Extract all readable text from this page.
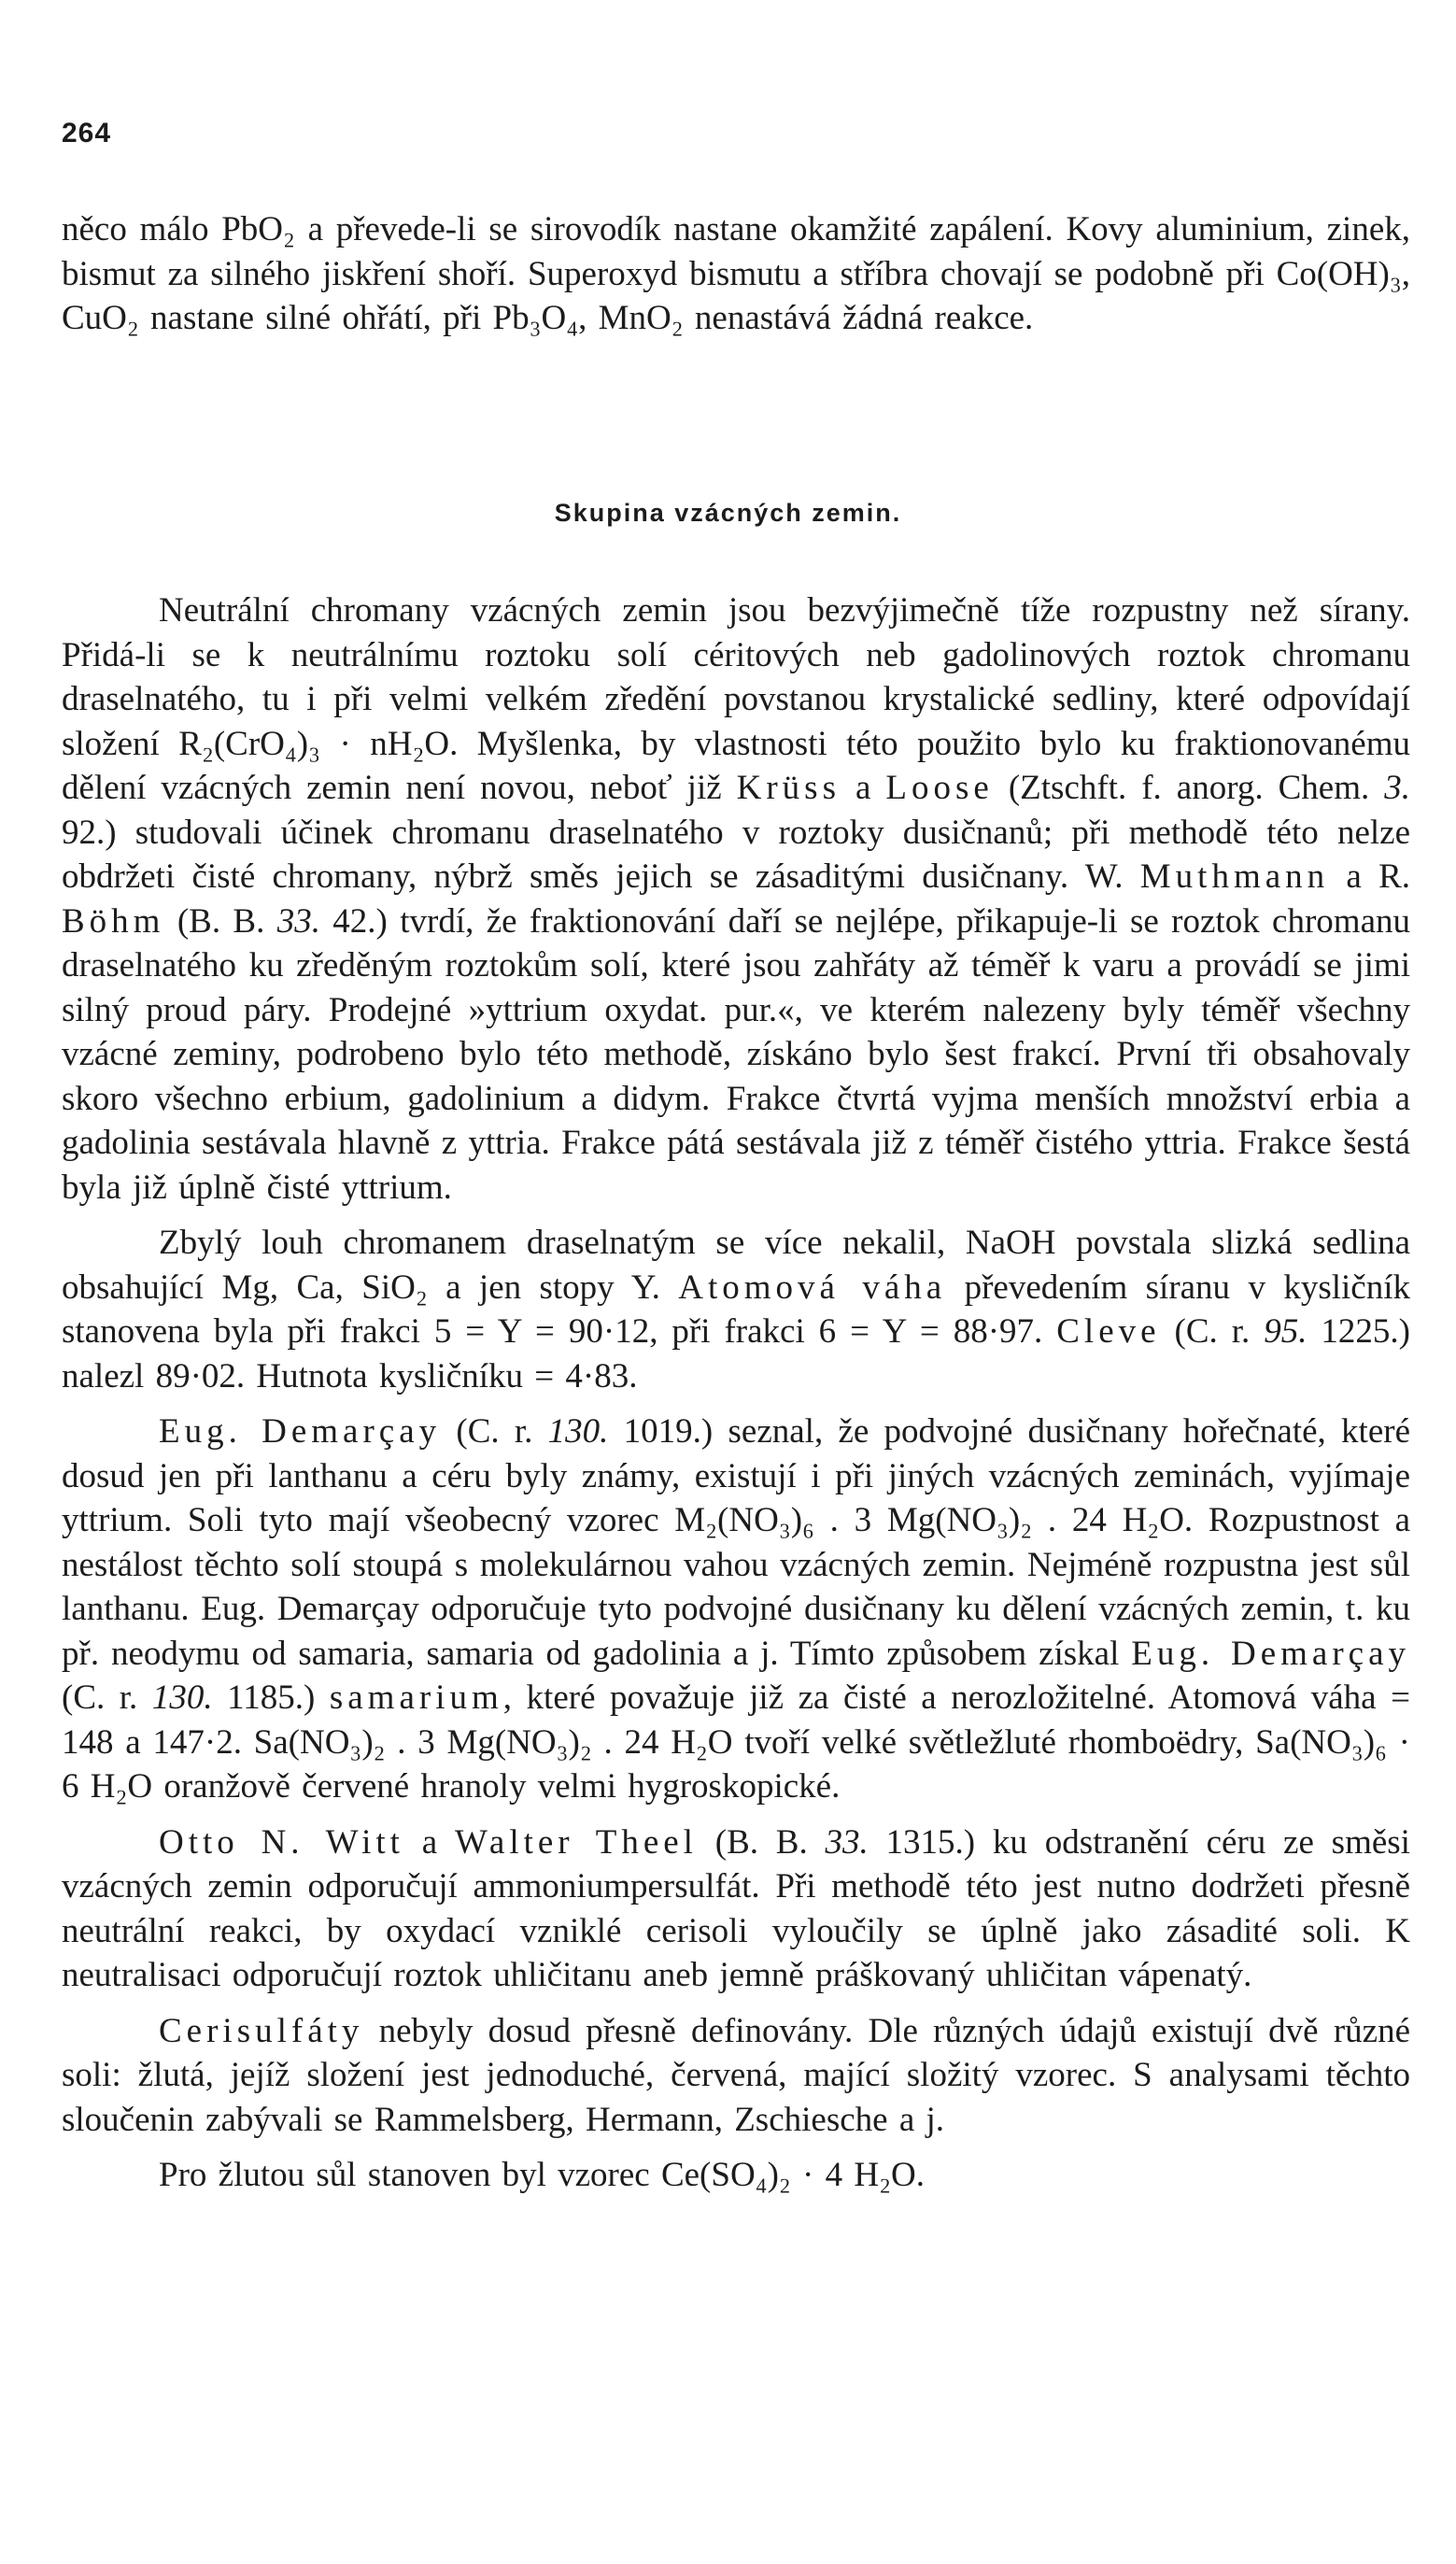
264

něco málo PbO₂ a převede-li se sirovodík nastane okamžité zapálení. Kovy aluminium, zinek, bismut za silného jiskření shoří. Superoxyd bismutu a stříbra chovají se podobně při Co(OH)₃, CuO₂ nastane silné ohřátí, při Pb₃O₄, MnO₂ nenastává žádná reakce.

Skupina vzácných zemin.

Neutrální chromany vzácných zemin jsou bezvýjimečně tíže rozpustny než sírany. Přidá-li se k neutrálnímu roztoku solí céritových neb gadolinových roztok chromanu draselnatého, tu i při velmi velkém zředění povstanou krystalické sedliny, které odpovídají složení R₂(CrO₄)₃ · nH₂O. Myšlenka, by vlastnosti této použito bylo ku fraktionovanému dělení vzácných zemin není novou, neboť již Krüss a Loose (Ztschft. f. anorg. Chem. 3. 92.) studovali účinek chromanu draselnatého v roztoky dusičnanů; při methodě této nelze obdržeti čisté chromany, nýbrž směs jejich se zásaditými dusičnany. W. Muthmann a R. Böhm (B. B. 33. 42.) tvrdí, že fraktionování daří se nejlépe, přikapuje-li se roztok chromanu draselnatého ku zředěným roztokům solí, které jsou zahřáty až téměř k varu a provádí se jimi silný proud páry. Prodejné »yttrium oxydat. pur.«, ve kterém nalezeny byly téměř všechny vzácné zeminy, podrobeno bylo této methodě, získáno bylo šest frakcí. První tři obsahovaly skoro všechno erbium, gadolinium a didym. Frakce čtvrtá vyjma menších množství erbia a gadolinia sestávala hlavně z yttria. Frakce pátá sestávala již z téměř čistého yttria. Frakce šestá byla již úplně čisté yttrium.

Zbylý louh chromanem draselnatým se více nekalil, NaOH povstala slizká sedlina obsahující Mg, Ca, SiO₂ a jen stopy Y. Atomová váha převedením síranu v kysličník stanovena byla při frakci 5 = Y = 90·12, při frakci 6 = Y = 88·97. Cleve (C. r. 95. 1225.) nalezl 89·02. Hutnota kysličníku = 4·83.

Eug. Demarçay (C. r. 130. 1019.) seznal, že podvojné dusičnany hořečnaté, které dosud jen při lanthanu a céru byly známy, existují i při jiných vzácných zeminách, vyjímaje yttrium. Soli tyto mají všeobecný vzorec M₂(NO₃)₆ . 3 Mg(NO₃)₂ . 24 H₂O. Rozpustnost a nestálost těchto solí stoupá s molekulárnou vahou vzácných zemin. Nejméně rozpustna jest sůl lanthanu. Eug. Demarçay odporučuje tyto podvojné dusičnany ku dělení vzácných zemin, t. ku př. neodymu od samaria, samaria od gadolinia a j. Tímto způsobem získal Eug. Demarçay (C. r. 130. 1185.) samarium, které považuje již za čisté a nerozložitelné. Atomová váha = 148 a 147·2. Sa(NO₃)₂ . 3 Mg(NO₃)₂ . 24 H₂O tvoří velké světležluté rhomboëdry, Sa(NO₃)₆ · 6 H₂O oranžově červené hranoly velmi hygroskopické.

Otto N. Witt a Walter Theel (B. B. 33. 1315.) ku odstranění céru ze směsi vzácných zemin odporučují ammoniumpersulfát. Při methodě této jest nutno dodržeti přesně neutrální reakci, by oxydací vzniklé cerisoli vyloučily se úplně jako zásadité soli. K neutralisaci odporučují roztok uhličitanu aneb jemně práškovaný uhličitan vápenatý.

Cerisulfáty nebyly dosud přesně definovány. Dle různých údajů existují dvě různé soli: žlutá, jejíž složení jest jednoduché, červená, mající složitý vzorec. S analysami těchto sloučenin zabývali se Rammelsberg, Hermann, Zschiesche a j.

Pro žlutou sůl stanoven byl vzorec Ce(SO₄)₂ · 4 H₂O.
